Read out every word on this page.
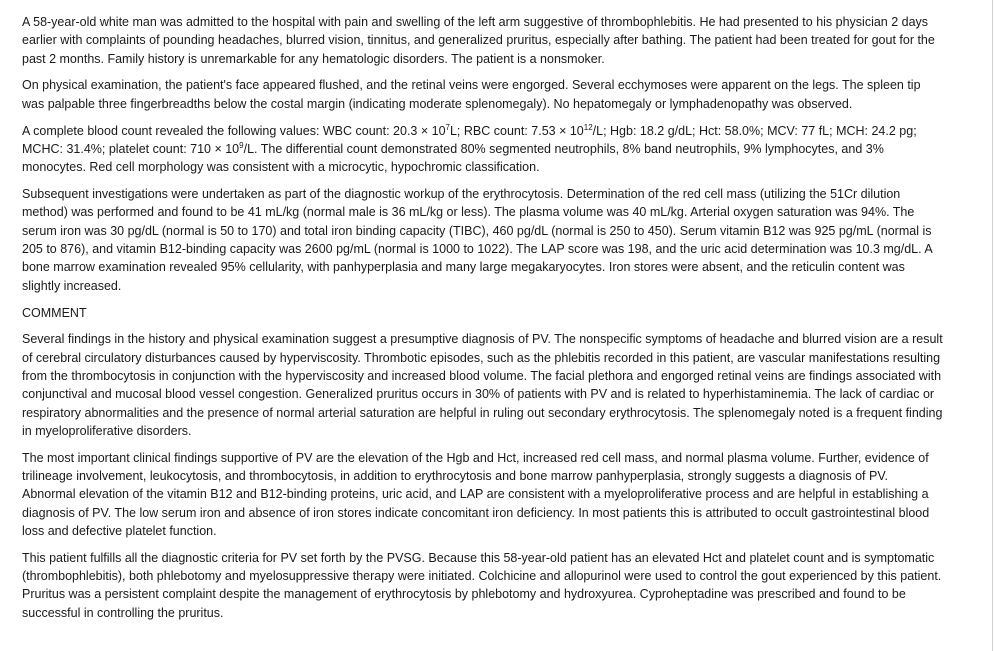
A 58-year-old white man was admitted to the hospital with pain and swelling of the left arm suggestive of thrombophlebitis. He had presented to his physician 2 days earlier with complaints of pounding headaches, blurred vision, tinnitus, and generalized pruritus, especially after bathing. The patient had been treated for gout for the past 2 months. Family history is unremarkable for any hematologic disorders. The patient is a nonsmoker.

On physical examination, the patient's face appeared flushed, and the retinal veins were engorged. Several ecchymoses were apparent on the legs. The spleen tip was palpable three fingerbreadths below the costal margin (indicating moderate splenomegaly). No hepatomegaly or lymphadenopathy was observed.

A complete blood count revealed the following values: WBC count: $20.3 \times 10^7L$; RBC count: $7.53 \times 10^{12}/L$; Hgb: 18.2 g/dL; Hct: 58.0%; MCV: 77 fL; MCH: 24.2 pg; MCHC: 31.4%; platelet count: $710 \times 10^9/L$. The differential count demonstrated 80% segmented neutrophils, 8% band neutrophils, 9% lymphocytes, and 3% monocytes. Red cell morphology was consistent with a microcytic, hypochromic classification.

Subsequent investigations were undertaken as part of the diagnostic workup of the erythrocytosis. Determination of the red cell mass (utilizing the 51Cr dilution method) was performed and found to be 41 mL/kg (normal male is 36 mL/kg or less). The plasma volume was 40 mL/kg. Arterial oxygen saturation was 94%. The serum iron was 30 pg/dL (normal is 50 to 170) and total iron binding capacity (TIBC), 460 pg/dL (normal is 250 to 450). Serum vitamin B12 was 925 pg/mL (normal is 205 to 876), and vitamin B12-binding capacity was 2600 pg/mL (normal is 1000 to 1022). The LAP score was 198, and the uric acid determination was 10.3 mg/dL. A bone marrow examination revealed 95% cellularity, with panhyperplasia and many large megakaryocytes. Iron stores were absent, and the reticulin content was slightly increased.

COMMENT

Several findings in the history and physical examination suggest a presumptive diagnosis of PV. The nonspecific symptoms of headache and blurred vision are a result of cerebral circulatory disturbances caused by hyperviscosity. Thrombotic episodes, such as the phlebitis recorded in this patient, are vascular manifestations resulting from the thrombocytosis in conjunction with the hyperviscosity and increased blood volume. The facial plethora and engorged retinal veins are findings associated with conjunctival and mucosal blood vessel congestion. Generalized pruritus occurs in 30% of patients with PV and is related to hyperhistaminemia. The lack of cardiac or respiratory abnormalities and the presence of normal arterial saturation are helpful in ruling out secondary erythrocytosis. The splenomegaly noted is a frequent finding in myeloproliferative disorders.

The most important clinical findings supportive of PV are the elevation of the Hgb and Hct, increased red cell mass, and normal plasma volume. Further, evidence of trilineage involvement, leukocytosis, and thrombocytosis, in addition to erythrocytosis and bone marrow panhyperplasia, strongly suggests a diagnosis of PV. Abnormal elevation of the vitamin B12 and B12-binding proteins, uric acid, and LAP are consistent with a myeloproliferative process and are helpful in establishing a diagnosis of PV. The low serum iron and absence of iron stores indicate concomitant iron deficiency. In most patients this is attributed to occult gastrointestinal blood loss and defective platelet function.

This patient fulfills all the diagnostic criteria for PV set forth by the PVSG. Because this 58-year-old patient has an elevated Hct and platelet count and is symptomatic (thrombophlebitis), both phlebotomy and myelosuppressive therapy were initiated. Colchicine and allopurinol were used to control the gout experienced by this patient. Pruritus was a persistent complaint despite the management of erythrocytosis by phlebotomy and hydroxyurea. Cyproheptadine was prescribed and found to be successful in controlling the pruritus.
